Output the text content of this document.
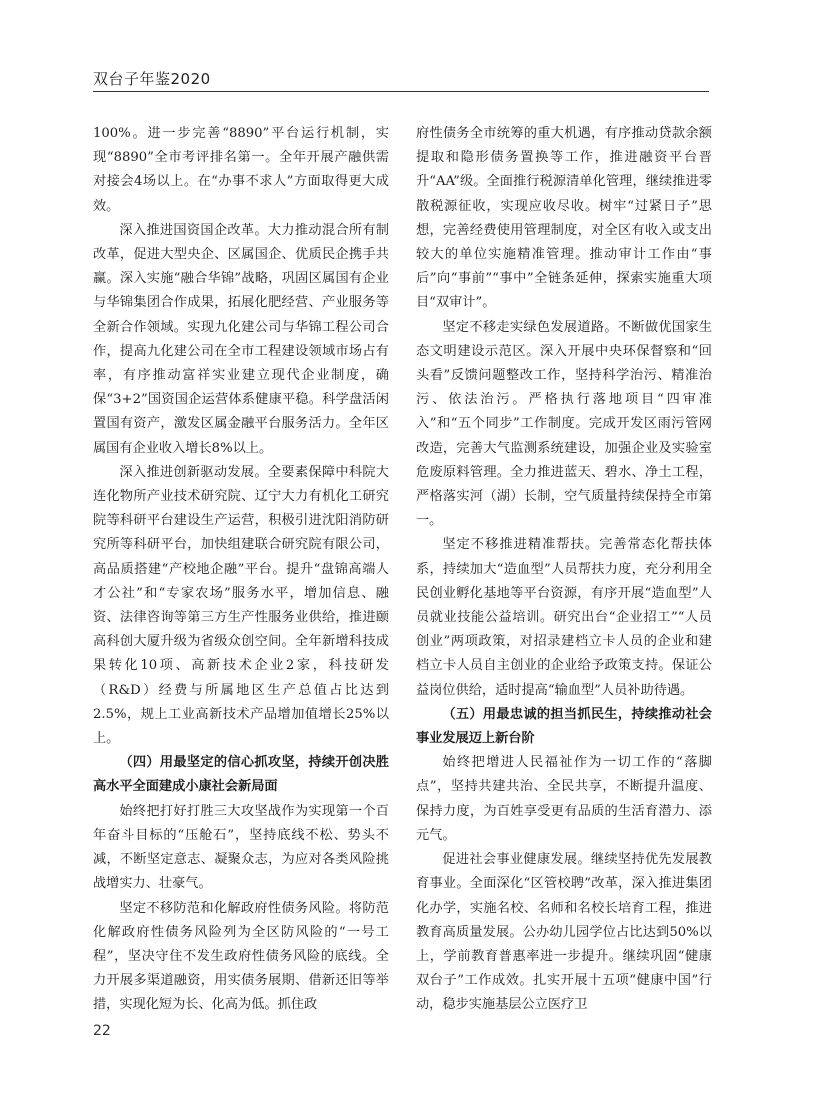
双台子年鉴2020

100%。进一步完善“8890”平台运行机制，实现“8890”全市考评排名第一。全年开展产融供需对接会4场以上。在“办事不求人”方面取得更大成效。

深入推进国资国企改革。大力推动混合所有制改革，促进大型央企、区属国企、优质民企携手共赢。深入实施“融合华锦”战略，巩固区属国有企业与华锦集团合作成果，拓展化肥经营、产业服务等全新合作领域。实现九化建公司与华锦工程公司合作，提高九化建公司在全市工程建设领域市场占有率，有序推动富祥实业建立现代企业制度，确保“3+2”国资国企运营体系健康平稳。科学盘活闲置国有资产，激发区属金融平台服务活力。全年区属国有企业收入增长8%以上。

深入推进创新驱动发展。全要素保障中科院大连化物所产业技术研究院、辽宁大力有机化工研究院等科研平台建设生产运营，积极引进沈阳消防研究所等科研平台，加快组建联合研究院有限公司，高品质搭建“产校地企融”平台。提升“盘锦高端人才公社”和“专家农场”服务水平，增加信息、融资、法律咨询等第三方生产性服务业供给，推进颐高科创大厦升级为省级众创空间。全年新增科技成果转化10项、高新技术企业2家，科技研发（R&D）经费与所属地区生产总值占比达到2.5%，规上工业高新技术产品增加值增长25%以上。

（四）用最坚定的信心抓攻坚，持续开创决胜高水平全面建成小康社会新局面

始终把打好打胜三大攻坚战作为实现第一个百年奋斗目标的“压舱石”，坚持底线不松、势头不减，不断坚定意志、凝聚众志，为应对各类风险挑战增实力、壮豪气。

坚定不移防范和化解政府性债务风险。将防范化解政府性债务风险列为全区防风险的“一号工程”，坚决守住不发生政府性债务风险的底线。全力开展多渠道融资，用实债务展期、借新还旧等举措，实现化短为长、化高为低。抓住政

府性债务全市统筹的重大机遇，有序推动贷款余额提取和隐形债务置换等工作，推进融资平台晋升“AA”级。全面推行税源清单化管理，继续推进零散税源征收，实现应收尽收。树牢“过紧日子”思想，完善经费使用管理制度，对全区有收入或支出较大的单位实施精准管理。推动审计工作由“事后”向“事前”“事中”全链条延伸，探索实施重大项目“双审计”。

坚定不移走实绿色发展道路。不断做优国家生态文明建设示范区。深入开展中央环保督察和“回头看”反馈问题整改工作，坚持科学治污、精准治污、依法治污。严格执行落地项目“四审准入”和“五个同步”工作制度。完成开发区雨污管网改造，完善大气监测系统建设，加强企业及实验室危废原料管理。全力推进蓝天、碧水、净土工程，严格落实河（湖）长制，空气质量持续保持全市第一。

坚定不移推进精准帮扶。完善常态化帮扶体系，持续加大“造血型”人员帮扶力度，充分利用全民创业孵化基地等平台资源，有序开展“造血型”人员就业技能公益培训。研究出台“企业招工”“人员创业”两项政策，对招录建档立卡人员的企业和建档立卡人员自主创业的企业给予政策支持。保证公益岗位供给，适时提高“输血型”人员补助待遇。

（五）用最忠诚的担当抓民生，持续推动社会事业发展迈上新台阶

始终把增进人民福祉作为一切工作的“落脚点”，坚持共建共治、全民共享，不断提升温度、保持力度，为百姓享受更有品质的生活育潜力、添元气。

促进社会事业健康发展。继续坚持优先发展教育事业。全面深化“区管校聘”改革，深入推进集团化办学，实施名校、名师和名校长培育工程，推进教育高质量发展。公办幼儿园学位占比达到50%以上，学前教育普惠率进一步提升。继续巩固“健康双台子”工作成效。扎实开展十五项“健康中国”行动，稳步实施基层公立医疗卫

22
